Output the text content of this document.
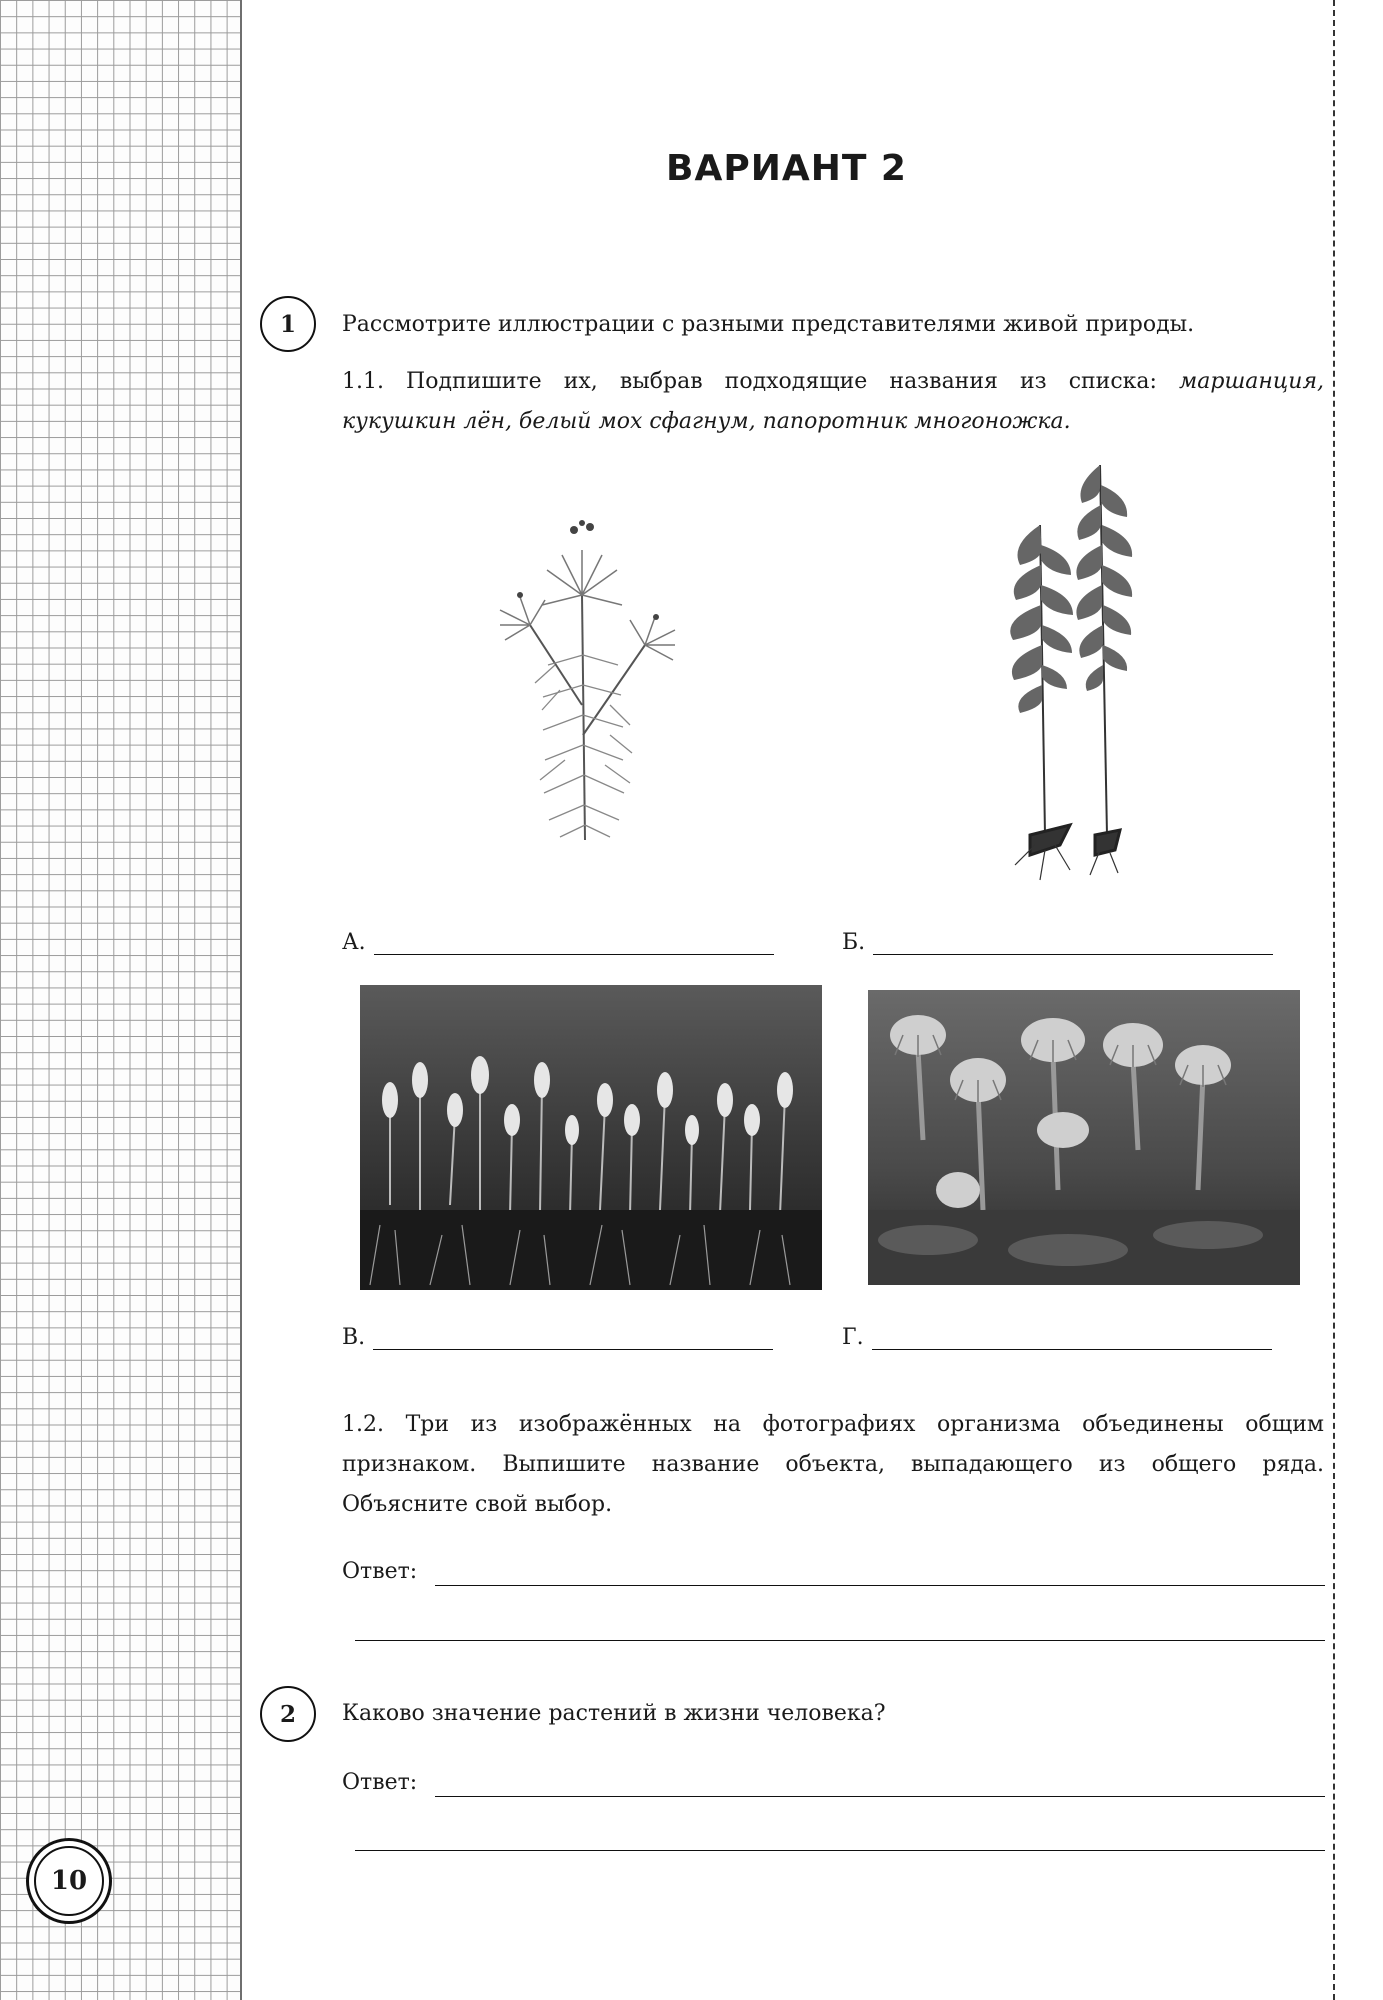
10
ВАРИАНТ 2
1	Рассмотрите иллюстрации с разными представителями живой природы.
1.1. Подпишите их, выбрав подходящие названия из списка: маршанция,
кукушкин лён, белый мох сфагнум, папоротник многоножка.
А.	Б.
В.	Г.
1.2. Три из изображённых на фотографиях организма объединены общим
признаком. Выпишите название объекта, выпадающего из общего ряда.
Объясните свой выбор.
Ответ:
2	Каково значение растений в жизни человека?
Ответ:
